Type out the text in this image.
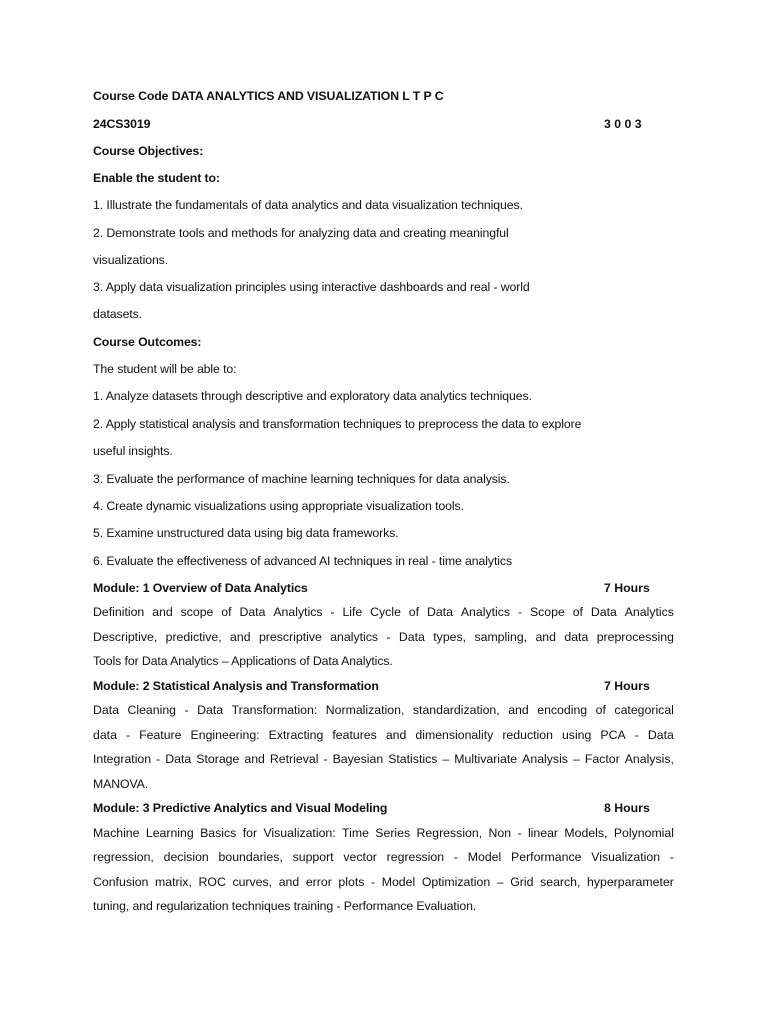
Course Code DATA ANALYTICS AND VISUALIZATION L T P C
24CS3019	3 0 0 3
Course Objectives:
Enable the student to:
1. Illustrate the fundamentals of data analytics and data visualization techniques.
2. Demonstrate tools and methods for analyzing data and creating meaningful
visualizations.
3. Apply data visualization principles using interactive dashboards and real - world
datasets.
Course Outcomes:
The student will be able to:
1. Analyze datasets through descriptive and exploratory data analytics techniques.
2. Apply statistical analysis and transformation techniques to preprocess the data to explore
useful insights.
3. Evaluate the performance of machine learning techniques for data analysis.
4. Create dynamic visualizations using appropriate visualization tools.
5. Examine unstructured data using big data frameworks.
6. Evaluate the effectiveness of advanced AI techniques in real - time analytics
Module: 1 Overview of Data Analytics	7 Hours
Definition and scope of Data Analytics - Life Cycle of Data Analytics - Scope of Data Analytics
Descriptive, predictive, and prescriptive analytics - Data types, sampling, and data preprocessing
Tools for Data Analytics – Applications of Data Analytics.
Module: 2 Statistical Analysis and Transformation	7 Hours
Data Cleaning - Data Transformation: Normalization, standardization, and encoding of categorical
data - Feature Engineering: Extracting features and dimensionality reduction using PCA - Data
Integration - Data Storage and Retrieval - Bayesian Statistics – Multivariate Analysis – Factor Analysis,
MANOVA.
Module: 3 Predictive Analytics and Visual Modeling	8 Hours
Machine Learning Basics for Visualization: Time Series Regression, Non - linear Models, Polynomial
regression, decision boundaries, support vector regression - Model Performance Visualization -
Confusion matrix, ROC curves, and error plots - Model Optimization – Grid search, hyperparameter
tuning, and regularization techniques training - Performance Evaluation.
